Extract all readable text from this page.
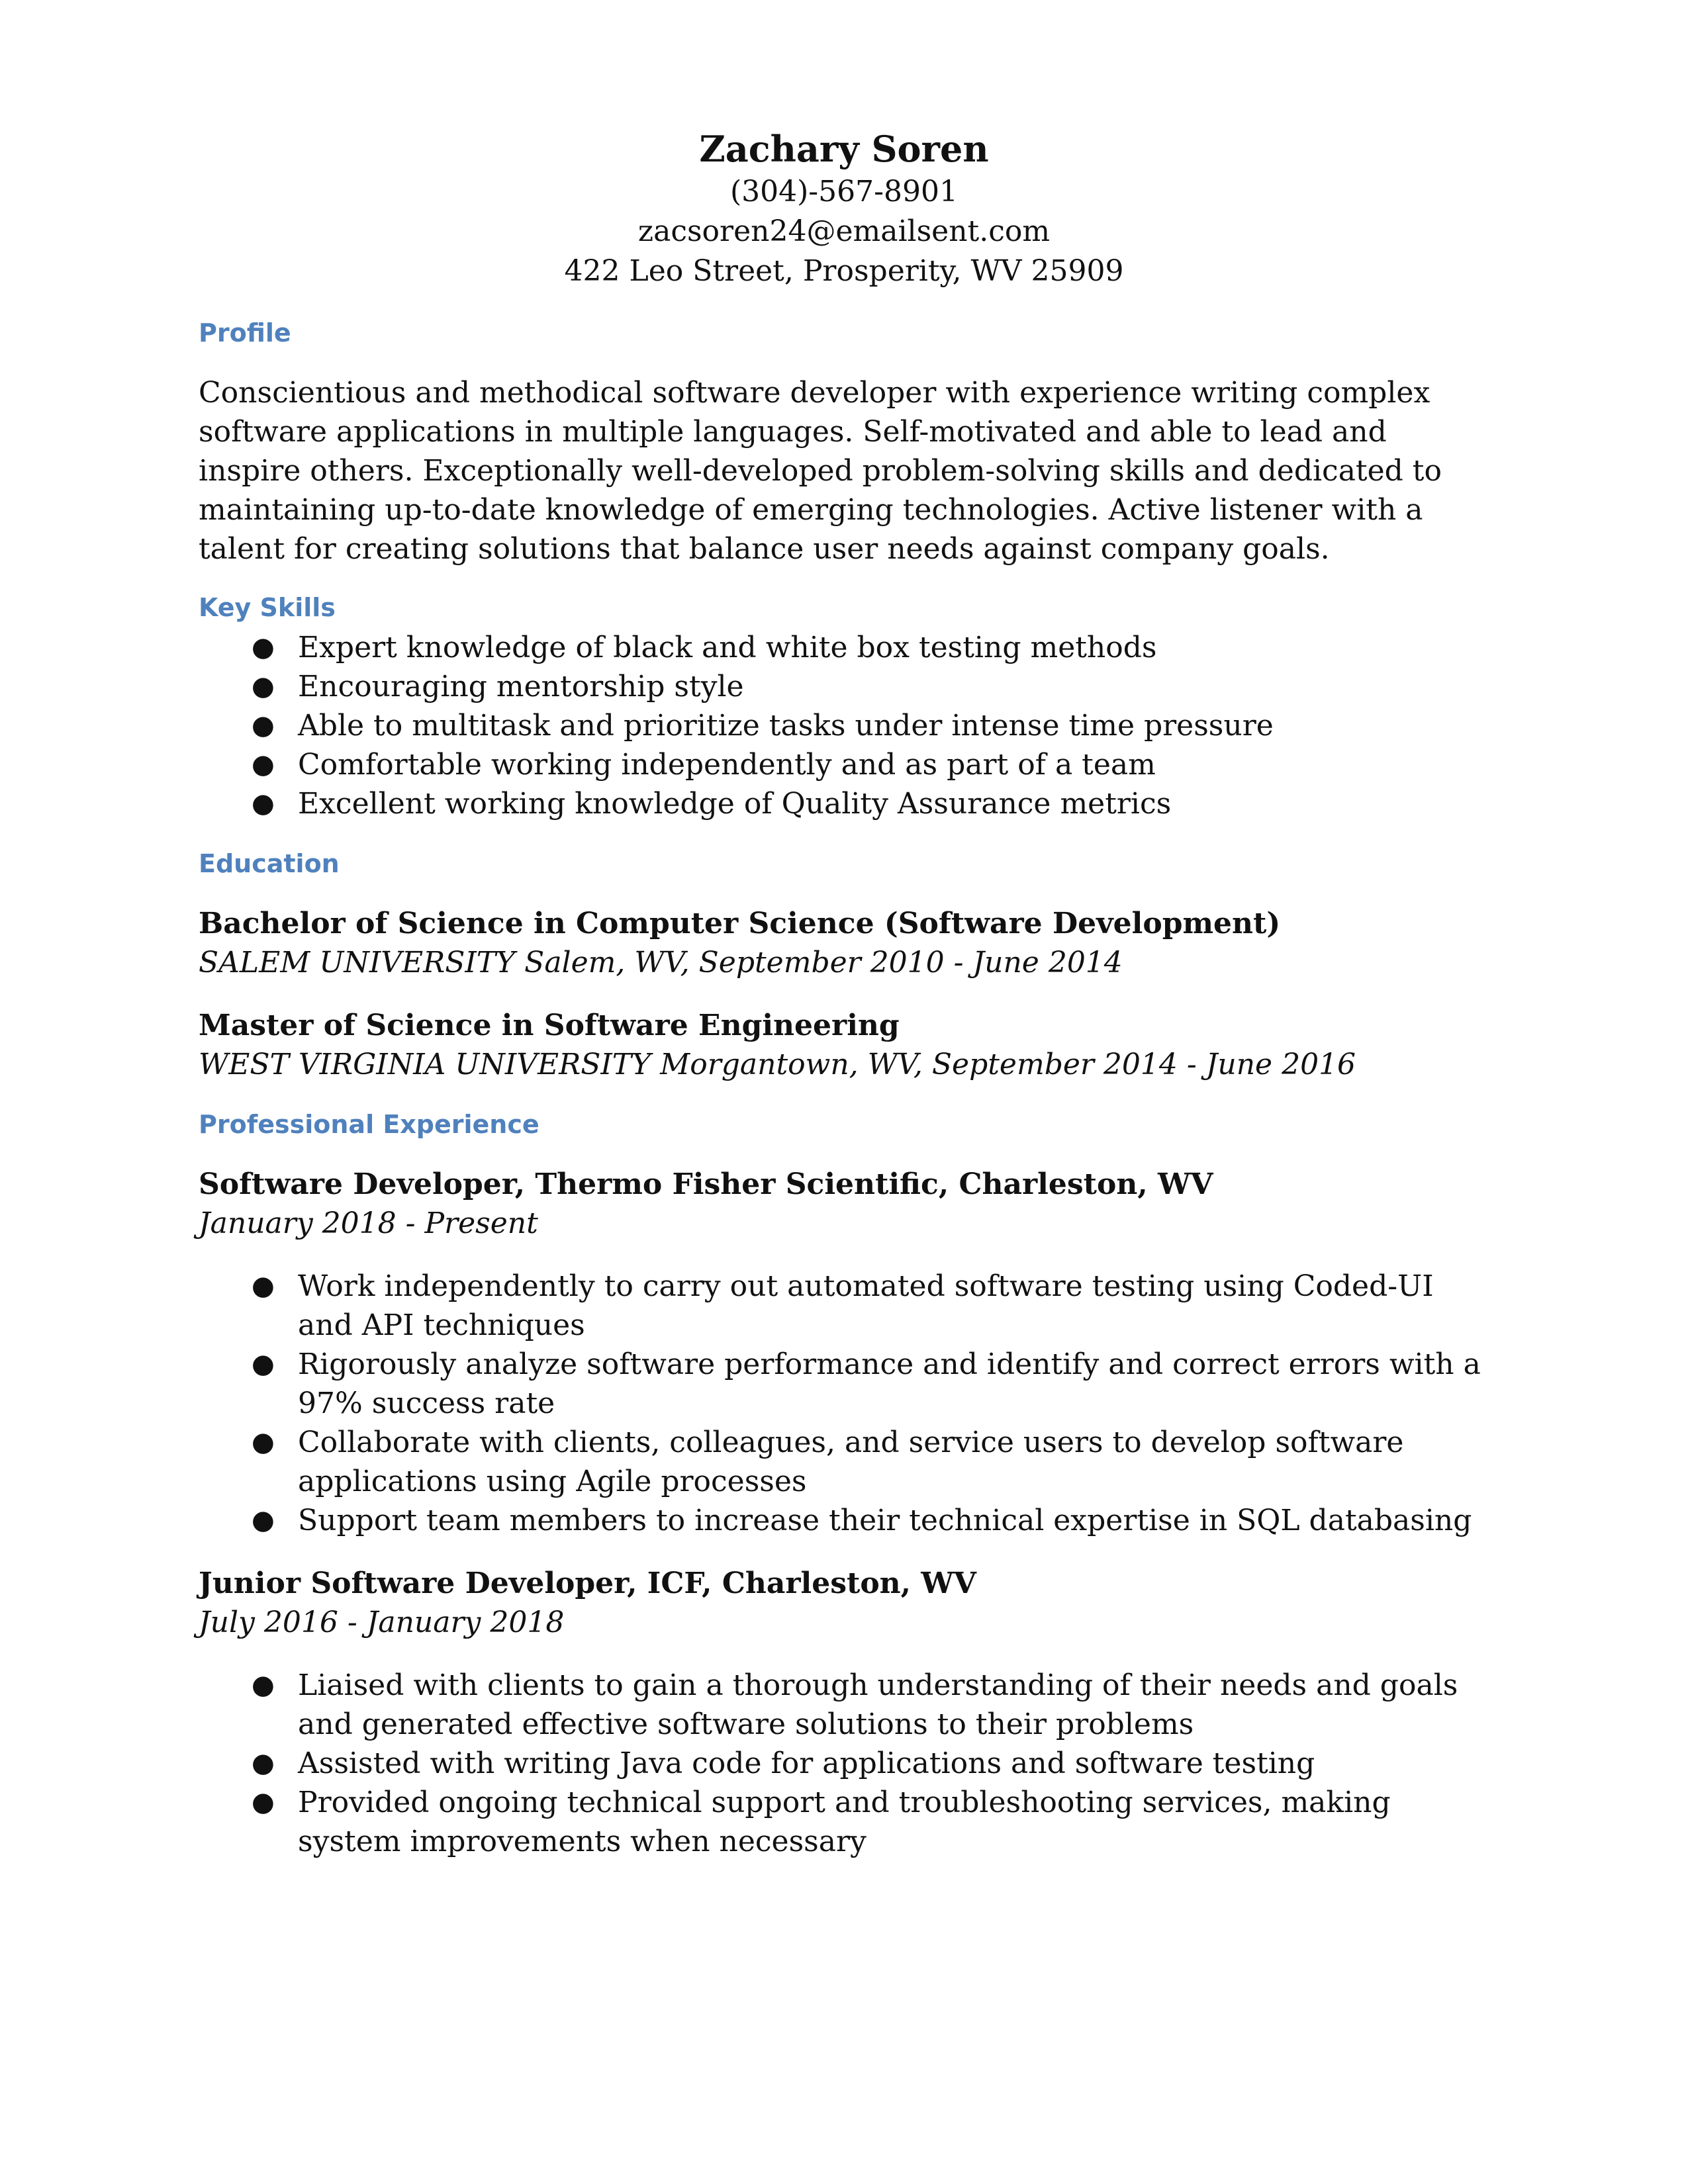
Zachary Soren

(304)-567-8901

zacsoren24@emailsent.com

422 Leo Street, Prosperity, WV 25909

Profile

Conscientious and methodical software developer with experience writing complex software applications in multiple languages. Self-motivated and able to lead and inspire others. Exceptionally well-developed problem-solving skills and dedicated to maintaining up-to-date knowledge of emerging technologies. Active listener with a talent for creating solutions that balance user needs against company goals.

Key Skills

● Expert knowledge of black and white box testing methods
● Encouraging mentorship style
● Able to multitask and prioritize tasks under intense time pressure
● Comfortable working independently and as part of a team
● Excellent working knowledge of Quality Assurance metrics

Education

Bachelor of Science in Computer Science (Software Development)

SALEM UNIVERSITY Salem, WV, September 2010 - June 2014

Master of Science in Software Engineering

WEST VIRGINIA UNIVERSITY Morgantown, WV, September 2014 - June 2016

Professional Experience

Software Developer, Thermo Fisher Scientific, Charleston, WV

January 2018 - Present

● Work independently to carry out automated software testing using Coded-UI and API techniques
● Rigorously analyze software performance and identify and correct errors with a 97% success rate
● Collaborate with clients, colleagues, and service users to develop software applications using Agile processes
● Support team members to increase their technical expertise in SQL databasing

Junior Software Developer, ICF, Charleston, WV

July 2016 - January 2018

● Liaised with clients to gain a thorough understanding of their needs and goals and generated effective software solutions to their problems
● Assisted with writing Java code for applications and software testing
● Provided ongoing technical support and troubleshooting services, making system improvements when necessary
